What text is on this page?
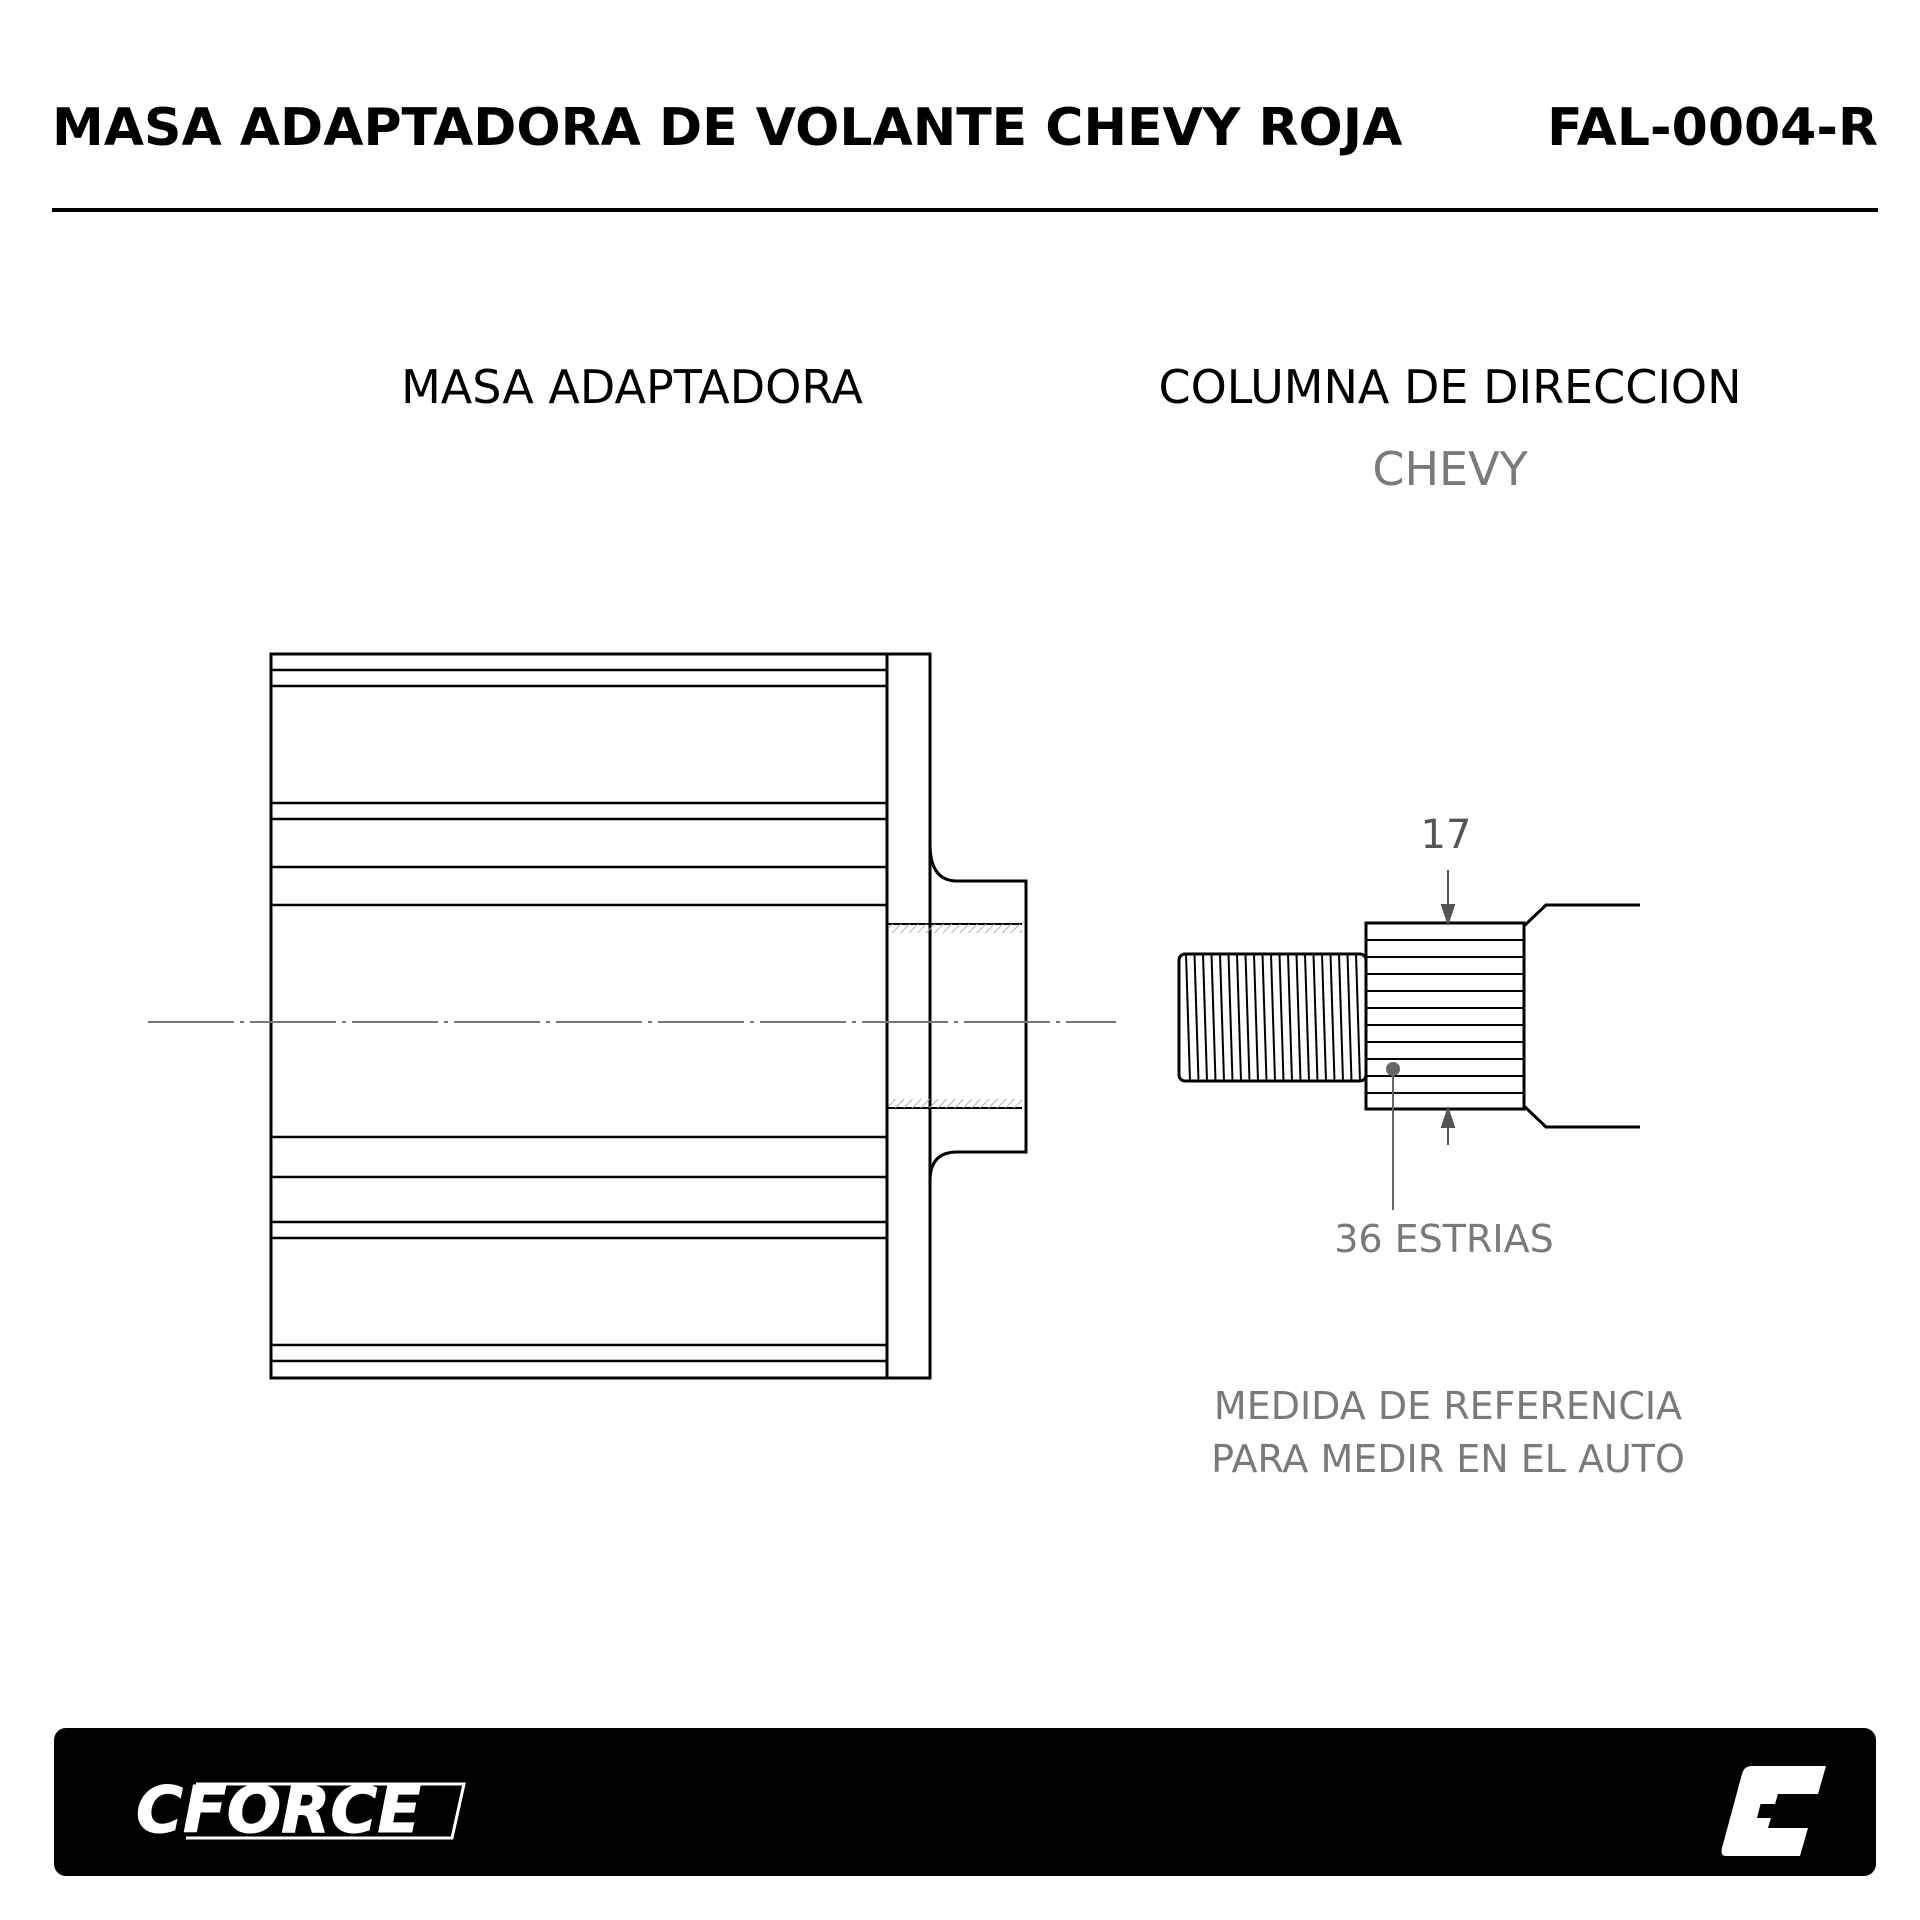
MASA ADAPTADORA DE VOLANTE CHEVY ROJA	FAL-0004-R
MASA ADAPTADORA	COLUMNA DE DIRECCION
CHEVY
17
36 ESTRIAS
MEDIDA DE REFERENCIA
PARA MEDIR EN EL AUTO
CFORCE
